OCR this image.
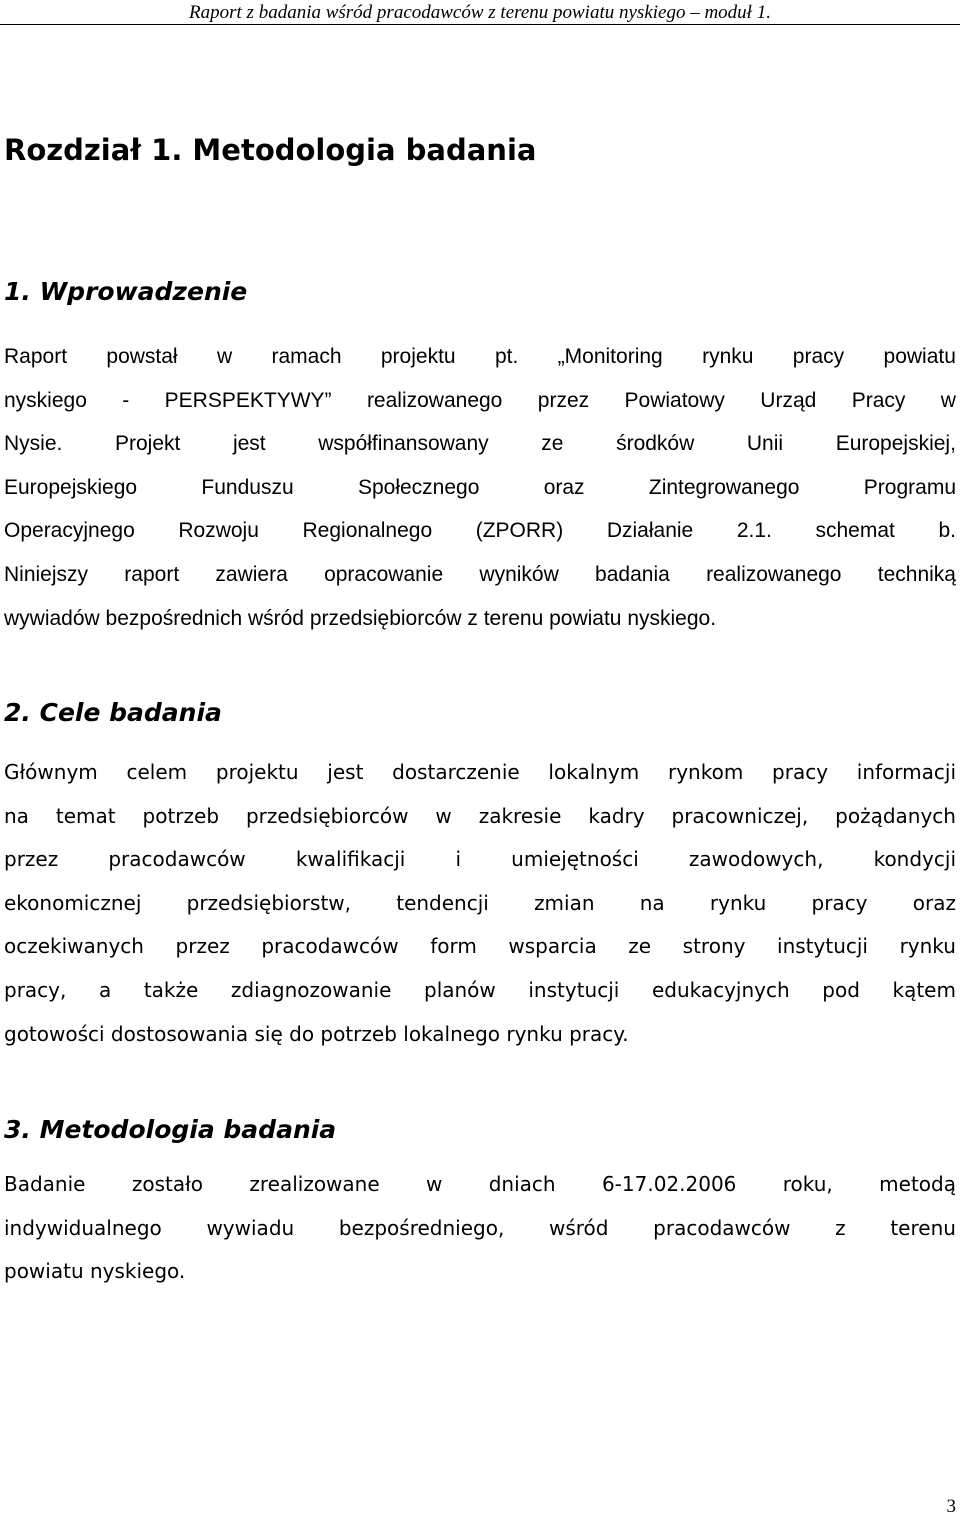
Raport z badania wśród pracodawców z terenu powiatu nyskiego – moduł 1.
Rozdział 1. Metodologia badania
1. Wprowadzenie
Raport powstał w ramach projektu pt. „Monitoring rynku pracy powiatu
nyskiego - PERSPEKTYWY” realizowanego przez Powiatowy Urząd Pracy w
Nysie.	Projekt	jest	współfinansowany	ze	środków	Unii	Europejskiej,
Europejskiego	Funduszu	Społecznego	oraz	Zintegrowanego	Programu
Operacyjnego Rozwoju Regionalnego (ZPORR) Działanie 2.1. schemat b.
Niniejszy raport zawiera opracowanie wyników badania realizowanego techniką
wywiadów bezpośrednich wśród przedsiębiorców z terenu powiatu nyskiego.
2. Cele badania
Głównym celem projektu jest dostarczenie lokalnym rynkom pracy informacji
na temat potrzeb przedsiębiorców w zakresie kadry pracowniczej, pożądanych
przez	pracodawców	kwalifikacji	i	umiejętności	zawodowych,	kondycji
ekonomicznej przedsiębiorstw, tendencji zmian na rynku pracy oraz
oczekiwanych przez pracodawców form wsparcia ze strony instytucji rynku
pracy, a także zdiagnozowanie planów instytucji edukacyjnych pod kątem
gotowości dostosowania się do potrzeb lokalnego rynku pracy.
3. Metodologia badania
Badanie zostało zrealizowane w dniach 6-17.02.2006 roku, metodą
indywidualnego wywiadu bezpośredniego, wśród pracodawców z terenu
powiatu nyskiego.
3
